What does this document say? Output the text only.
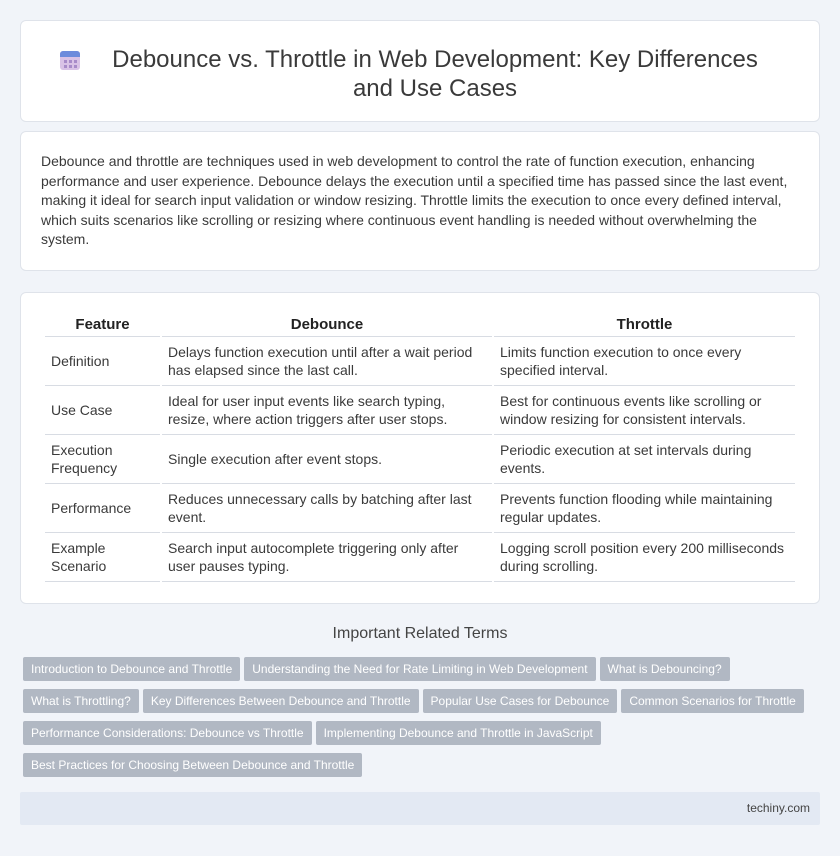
Debounce vs. Throttle in Web Development: Key Differences and Use Cases

Debounce and throttle are techniques used in web development to control the rate of function execution, enhancing performance and user experience. Debounce delays the execution until a specified time has passed since the last event, making it ideal for search input validation or window resizing. Throttle limits the execution to once every defined interval, which suits scenarios like scrolling or resizing where continuous event handling is needed without overwhelming the system.

Feature	Debounce	Throttle
Definition	Delays function execution until after a wait period has elapsed since the last call.	Limits function execution to once every specified interval.
Use Case	Ideal for user input events like search typing, resize, where action triggers after user stops.	Best for continuous events like scrolling or window resizing for consistent intervals.
Execution Frequency	Single execution after event stops.	Periodic execution at set intervals during events.
Performance	Reduces unnecessary calls by batching after last event.	Prevents function flooding while maintaining regular updates.
Example Scenario	Search input autocomplete triggering only after user pauses typing.	Logging scroll position every 200 milliseconds during scrolling.
Important Related Terms
Introduction to Debounce and Throttle Understanding the Need for Rate Limiting in Web Development What is Debouncing?What is Throttling? Key Differences Between Debounce and Throttle Popular Use Cases for Debounce Common Scenarios for ThrottlePerformance Considerations: Debounce vs Throttle Implementing Debounce and Throttle in JavaScriptBest Practices for Choosing Between Debounce and Throttle
techiny.com
